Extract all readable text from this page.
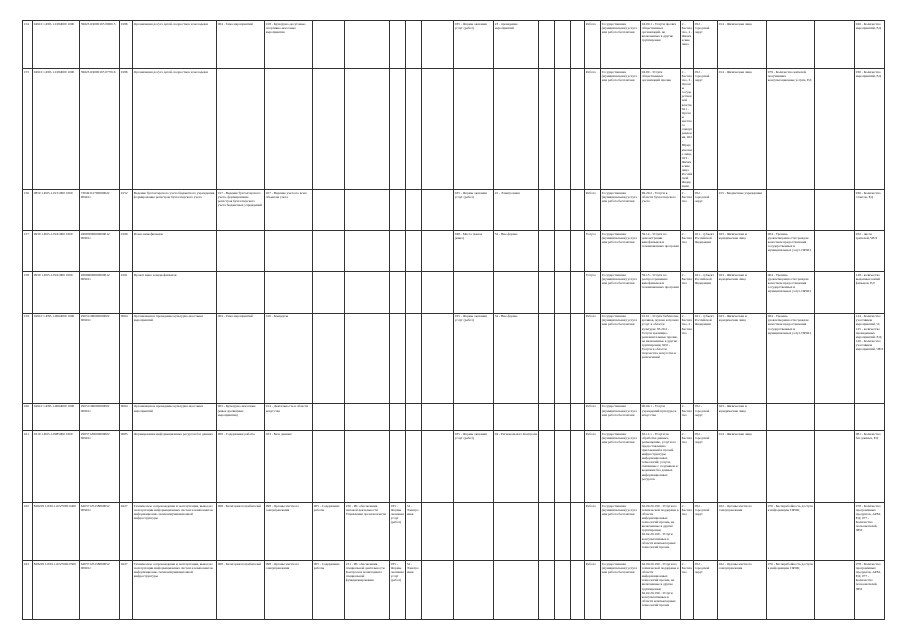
154	04910 1.Р.65.1.0184000 1000	39623119000105 090015	0186	Организация досуга детей, подростков и молодежи	004 - Тема мероприятий	018 - Культурно-досуговые, спортивно-массовые мероприятия						035 - Формы оказания услуг (работ)	23 - проведение мероприятий				Работа	Государственная (муниципальная) услуга или работа бесплатная	04.00.1 - Услуги прочих общественных организаций, не включенных в другие группировки	2 - Бесплатно, 2 - Физические лица	052 - городской округ	014 - Физические лица			026 - Количество мероприятий, ЕД
155	04910 1.Р.65.1.0184000 1000	39623119000105 077016	0186	Организация досуга детей, подростков и молодежи													Работа	Государственная (муниципальная) услуга или работа бесплатная	94.99 - Услуги общественных организаций прочие	2 - Бесплатно, 3 - Органы государственной власти, 021 - Органы местного самоуправления, 022 - Юридические лица, 023 - Физические лица Российской Федерации	052 - городской округ	014 - Физические лица	079 - Количество жителей, получивших консультационные услуги, ЕД		030 - Количество мероприятий, ЕД
156	0850 1.Р.65.1.0151000 1000	73049112700009022 009011	0152	Ведение бухгалтерского учета бюджетного учреждения, формирование регистров бухгалтерского учета	017 - Ведение бухгалтерского учета, формирование регистров бухгалтерского учета бюджетных учреждений	027 - Ведение учета по всем объектам учета						035 - Формы оказания услуг (работ)	22 - Электронная				Работа	Государственная (муниципальная) услуга или работа бесплатная	69.20.2 - Услуги в области бухгалтерского учета	2 - Бесплатно	052 - городской округ	015 - Бюджетные учреждения			036 - Количество отчетов, ЕД
157	0930 1.Р.65.1.0161000 1000	26695000000000012 009011	0160	Показ кинофильмов								048 - Место показа (кино)	32 - Вне формы				Услуга	Государственная (муниципальная) услуга или работа бесплатная	59.14 - Услуги по демонстрации кинофильмов и телевизионных программ	2 - Бесплатно	021 - субъект Российской Федерации	023 - Физические и юридические лица	004 - Уровень удовлетворенности граждан качеством предоставления государственных и муниципальных услуг, ПРОЦ		032 - число зрителей, ЧЕЛ
158	0930 1.Р.65.1.0161000 1000	26696000000000012 009011	0161	Прокат кино и видеофильмов													Услуга	Государственная (муниципальная) услуга или работа бесплатная	59.13 - Услуги по распространению кинофильмов и телевизионных программ	2 - Бесплатно	021 - субъект Российской Федерации	023 - Физические и юридические лица	004 - Уровень удовлетворенности граждан качеством предоставления государственных и муниципальных услуг, ПРОЦ		128 - количество выданных копий фильмов, ЕД
159	04910 1.Р.65.1.0064000 1000	29031106000000002 009011	0064	Организация и проведение культурно-массовых мероприятий	004 - Тема мероприятий	016 - Концерты						035 - Формы оказания услуг (работ)	32 - Вне формы				Работа	Государственная (муниципальная) услуга или работа бесплатная	91.01 - Услуги библиотек, архивов, музеев и прочих услуг в области культуры; 93.29.2 - Услуги зрелищно-развлекательные прочие, не включенные в другие группировки; 90.0 - Услуги в области творчества, искусства и развлечений	2 - Бесплатно, 2 - Бесплатно	021 - субъект Российской Федерации	023 - Физические и юридические лица	004 - Уровень удовлетворенности граждан качеством предоставления государственных и муниципальных услуг, ПРОЦ		124 - Количество участников мероприятий, Ч; 125 - количество проведенных мероприятий, ЕД; 126 - Количество участников мероприятий, ЧЕЛ
160	04910 1.Р.65.1.0064000 1000	29031106000000002 009011	0064	Организация и проведение культурно-массовых мероприятий	003 - Культурно-массовые (иные зрелищные мероприятия)	014 - Деятельность в области искусства											Работа	Государственная (муниципальная) услуга или работа бесплатная	90.04.1 - Услуги учреждений культуры и искусства	2 - Бесплатно	052 - городской округ	023 - Физические и юридические лица			
161	0310 1.Р.65.1.0085000 1000	29037120000000002 009011	0085	Формирование информационных ресурсов баз данных	009 - Содержание работы	033 - База данных						035 - Формы оказания услуг (работ)	04 - Регионального Контроля				Работа	Государственная (муниципальная) услуга или работа бесплатная	63.11.1 - Услуги по обработке данных, размещению, услуги по предоставлению приложений и прочей инфраструктуры информационных технологий; услуги, связанные с созданием и ведением баз данных информационных ресурсов	2 - Бесплатно	052 - городской округ	014 - Физические лица			081 - Количество баз данных, ЕД
162	828229 1.Р.65.1.0227000 0400	64037125138000052 009011	0227	Техническое сопровождение и эксплуатация, вывод из эксплуатации информационных систем и компонентов информационно-телекоммуникационной инфраструктуры	008 - Категория потребителей	098 - Органы местного самоуправления	005 - Содержание работы	230 - ИС обеспечения типовой деятельности Управления органом власти	035 - Формы оказания услуг (работ)	32 - Электронная							Работа	Государственная (муниципальная) услуга или работа бесплатная	62.09.20.190 - Услуги по технической поддержке в области информационных технологий прочие, не включенные в другие группировки; 62.02.20.190 - Услуги консультативные в области компьютерных технологий прочие	2 - Бесплатно	052 - городской округ	022 - Органы местного самоуправления	076 - Бесперебойность доступа к информации, ПРОЦ		078 - Количество программных продуктов, АРМ, ЕД; 077 - Количество пользователей, ЧЕЛ
163	828229 1.Р.65.1.0227000 0500	64037125138000052 009011	0227	Техническое сопровождение и эксплуатация, вывод из эксплуатации информационных систем и компонентов информационно-телекоммуникационной инфраструктуры	008 - Категория потребителей	098 - Органы местного самоуправления	005 - Содержание работы	231 - ИС обеспечения специальной деятельности Контроля и мониторинга специальной функционирования	035 - Формы оказания услуг (работ)	32 - Электронная							Работа	Государственная (муниципальная) услуга или работа бесплатная	62.09.20.190 - Услуги по технической поддержке в области информационных технологий прочие, не включенные в другие группировки; 62.02.20.190 - Услуги консультативные в области компьютерных технологий прочие	2 - Бесплатно	052 - городской округ	022 - Органы местного самоуправления	076 - Бесперебойность доступа к информации, ПРОЦ		078 - Количество программных продуктов, АРМ, ЕД; 077 - Количество пользователей, ЧЕЛ
